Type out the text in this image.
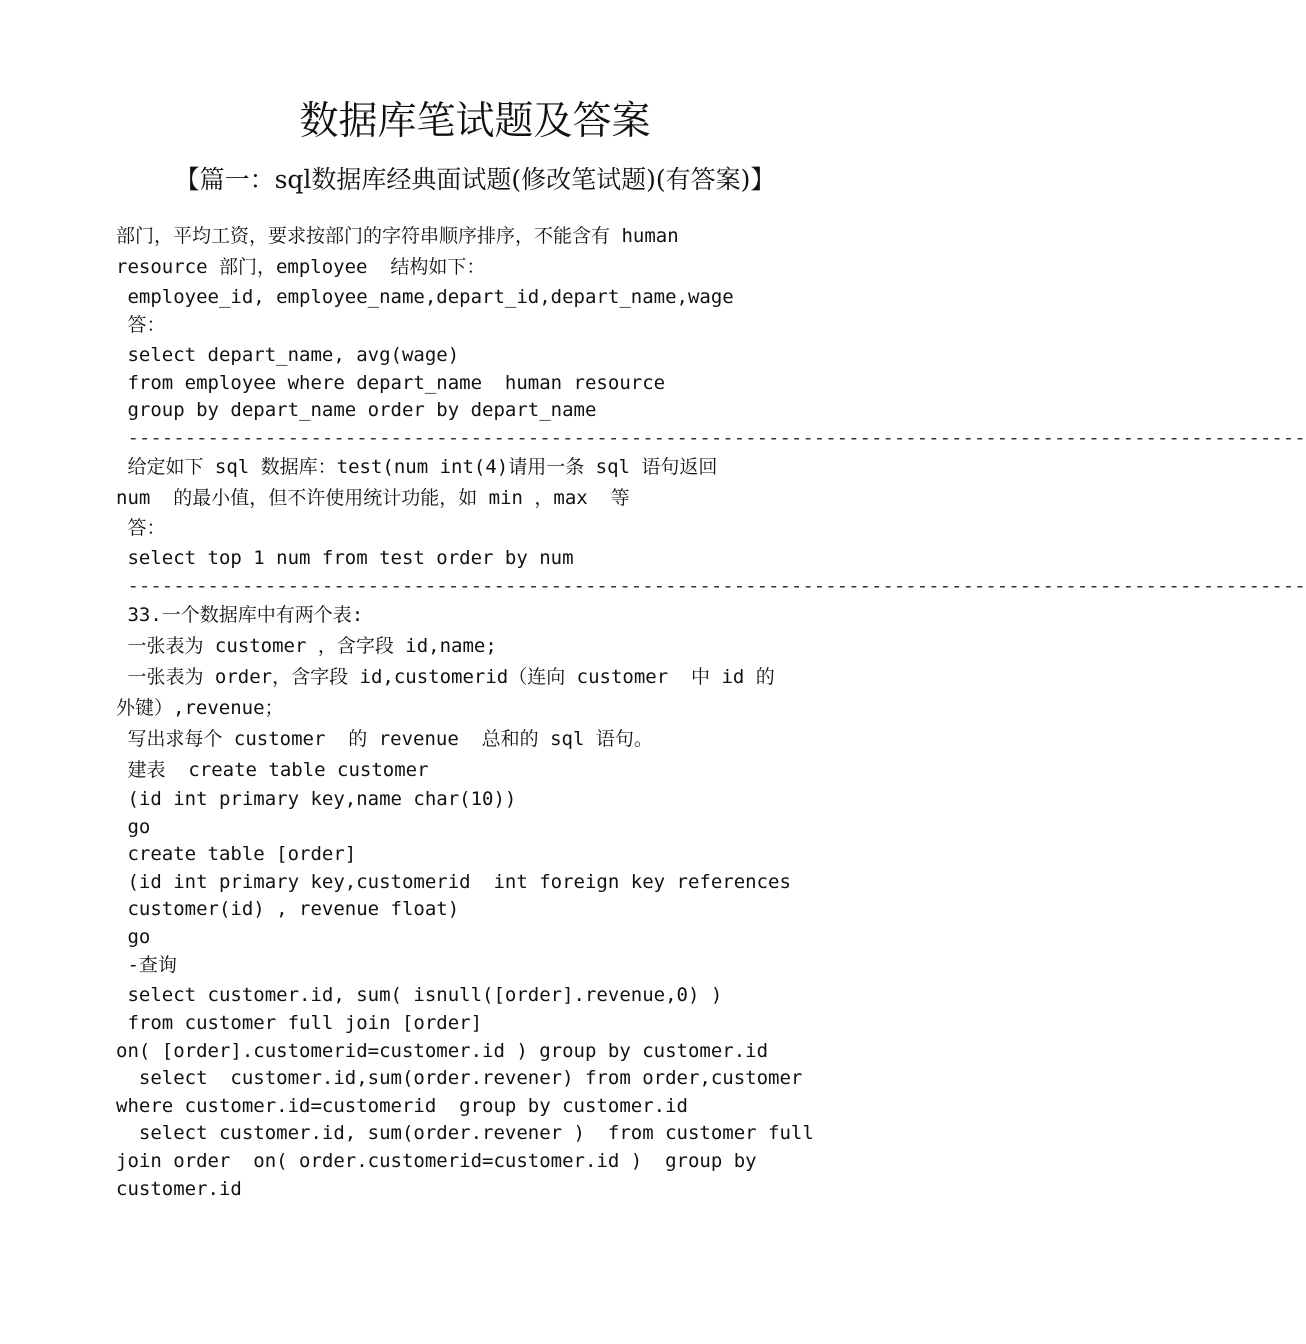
数据库笔试题及答案
【篇一：sql数据库经典面试题(修改笔试题)(有答案)】
部门，平均工资，要求按部门的字符串顺序排序，不能含有 human
resource 部门，employee  结构如下：
employee_id, employee_name,depart_id,depart_name,wage
答：
select depart_name, avg(wage)
from employee where depart_name  human resource
group by depart_name order by depart_name
-------------------------------------------------------------------------------------------------------
给定如下 sql 数据库：test(num int(4)请用一条 sql 语句返回
num  的最小值，但不许使用统计功能，如 min ，max  等
答：
select top 1 num from test order by num
-------------------------------------------------------------------------------------------------------
33.一个数据库中有两个表:
一张表为 customer ，含字段 id,name;
一张表为 order，含字段 id,customerid（连向 customer  中 id 的
外键）,revenue；
写出求每个 customer  的 revenue  总和的 sql 语句。
建表  create table customer
(id int primary key,name char(10))
go
create table [order]
(id int primary key,customerid  int foreign key references
customer(id) , revenue float)
go
-查询
select customer.id, sum( isnull([order].revenue,0) )
from customer full join [order]
on( [order].customerid=customer.id ) group by customer.id
select  customer.id,sum(order.revener) from order,customer
where customer.id=customerid  group by customer.id
select customer.id, sum(order.revener )  from customer full
join order  on( order.customerid=customer.id )  group by
customer.id
